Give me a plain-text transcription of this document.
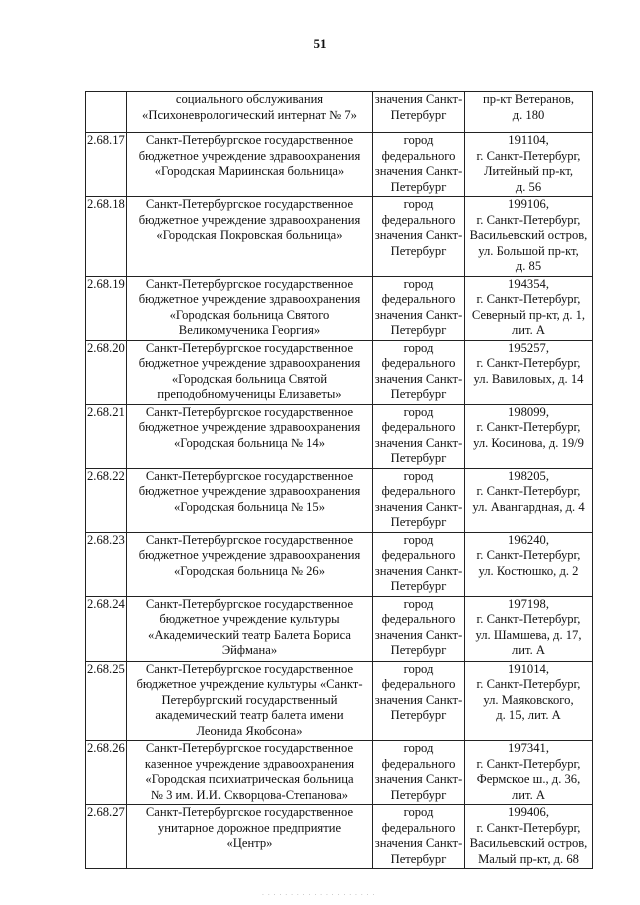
51

	социального обслуживания
«Психоневрологический интернат № 7»	значения Санкт-
Петербург	пр-кт Ветеранов,
д. 180

2.68.17	Санкт-Петербургское государственное
бюджетное учреждение здравоохранения
«Городская Мариинская больница»	город
федерального
значения Санкт-
Петербург	191104,
г. Санкт-Петербург,
Литейный пр-кт,
д. 56

2.68.18	Санкт-Петербургское государственное
бюджетное учреждение здравоохранения
«Городская Покровская больница»	город
федерального
значения Санкт-
Петербург	199106,
г. Санкт-Петербург,
Васильевский остров,
ул. Большой пр-кт,
д. 85

2.68.19	Санкт-Петербургское государственное
бюджетное учреждение здравоохранения
«Городская больница Святого
Великомученика Георгия»	город
федерального
значения Санкт-
Петербург	194354,
г. Санкт-Петербург,
Северный пр-кт, д. 1,
лит. А

2.68.20	Санкт-Петербургское государственное
бюджетное учреждение здравоохранения
«Городская больница Святой
преподобномученицы Елизаветы»	город
федерального
значения Санкт-
Петербург	195257,
г. Санкт-Петербург,
ул. Вавиловых, д. 14

2.68.21	Санкт-Петербургское государственное
бюджетное учреждение здравоохранения
«Городская больница № 14»	город
федерального
значения Санкт-
Петербург	198099,
г. Санкт-Петербург,
ул. Косинова, д. 19/9

2.68.22	Санкт-Петербургское государственное
бюджетное учреждение здравоохранения
«Городская больница № 15»	город
федерального
значения Санкт-
Петербург	198205,
г. Санкт-Петербург,
ул. Авангардная, д. 4

2.68.23	Санкт-Петербургское государственное
бюджетное учреждение здравоохранения
«Городская больница № 26»	город
федерального
значения Санкт-
Петербург	196240,
г. Санкт-Петербург,
ул. Костюшко, д. 2

2.68.24	Санкт-Петербургское государственное
бюджетное учреждение культуры
«Академический театр Балета Бориса
Эйфмана»	город
федерального
значения Санкт-
Петербург	197198,
г. Санкт-Петербург,
ул. Шамшева, д. 17,
лит. А

2.68.25	Санкт-Петербургское государственное
бюджетное учреждение культуры «Санкт-
Петербургский государственный
академический театр балета имени
Леонида Якобсона»	город
федерального
значения Санкт-
Петербург	191014,
г. Санкт-Петербург,
ул. Маяковского,
д. 15, лит. А

2.68.26	Санкт-Петербургское государственное
казенное учреждение здравоохранения
«Городская психиатрическая больница
№ 3 им. И.И. Скворцова-Степанова»	город
федерального
значения Санкт-
Петербург	197341,
г. Санкт-Петербург,
Фермское ш., д. 36,
лит. А

2.68.27	Санкт-Петербургское государственное
унитарное дорожное предприятие
«Центр»	город
федерального
значения Санкт-
Петербург	199406,
г. Санкт-Петербург,
Васильевский остров,
Малый пр-кт, д. 68
· · · · · · · · · · · · · · · · · · · ·
